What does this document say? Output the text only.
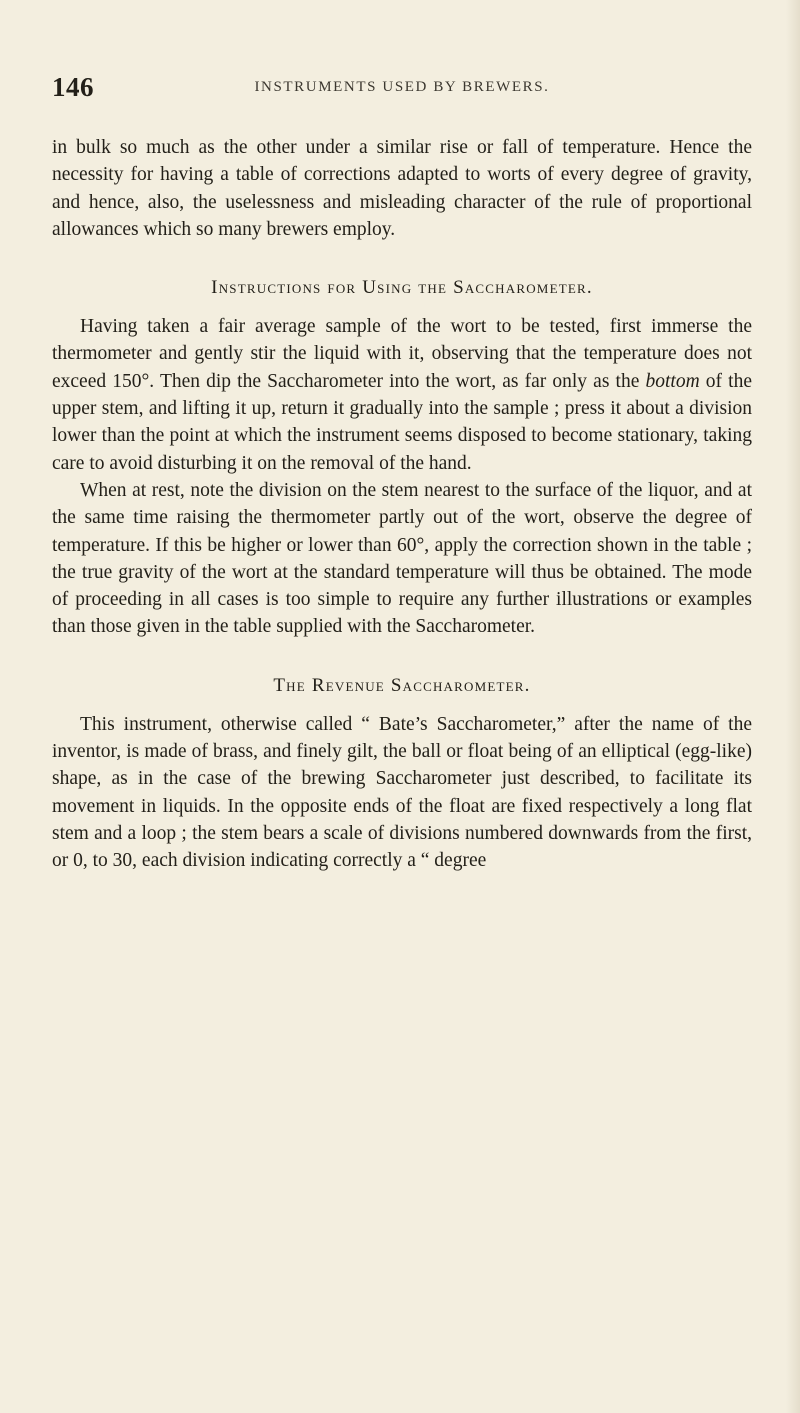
146	INSTRUMENTS USED BY BREWERS.

in bulk so much as the other under a similar rise or fall of temperature. Hence the necessity for having a table of corrections adapted to worts of every degree of gravity, and hence, also, the uselessness and misleading character of the rule of proportional allowances which so many brewers employ.

Instructions for Using the Saccharometer.

Having taken a fair average sample of the wort to be tested, first immerse the thermometer and gently stir the liquid with it, observing that the temperature does not exceed 150°. Then dip the Saccharometer into the wort, as far only as the bottom of the upper stem, and lifting it up, return it gradually into the sample ; press it about a division lower than the point at which the instrument seems disposed to become stationary, taking care to avoid disturbing it on the removal of the hand.

When at rest, note the division on the stem nearest to the surface of the liquor, and at the same time raising the thermometer partly out of the wort, observe the degree of temperature. If this be higher or lower than 60°, apply the correction shown in the table ; the true gravity of the wort at the standard temperature will thus be obtained. The mode of proceeding in all cases is too simple to require any further illustrations or examples than those given in the table supplied with the Saccharometer.

The Revenue Saccharometer.

This instrument, otherwise called “ Bate’s Saccharometer,” after the name of the inventor, is made of brass, and finely gilt, the ball or float being of an elliptical (egg-like) shape, as in the case of the brewing Saccharometer just described, to facilitate its movement in liquids. In the opposite ends of the float are fixed respectively a long flat stem and a loop ; the stem bears a scale of divisions numbered downwards from the first, or 0, to 30, each division indicating correctly a “ degree
